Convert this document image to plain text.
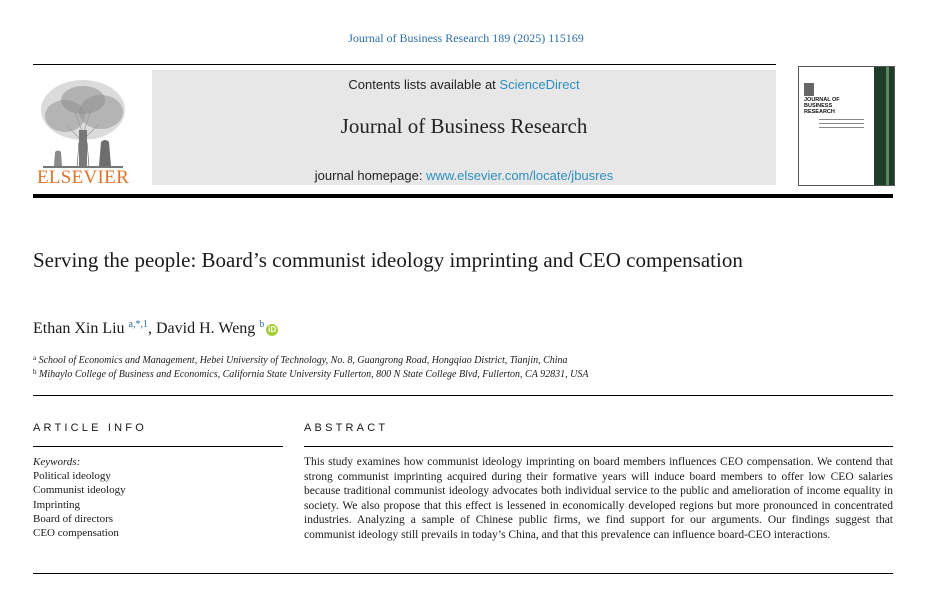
Journal of Business Research 189 (2025) 115169
ELSEVIER
Contents lists available at ScienceDirect
Journal of Business Research
journal homepage: www.elsevier.com/locate/jbusres
JOURNAL OF BUSINESS RESEARCH
Serving the people: Board’s communist ideology imprinting and CEO compensation
Ethan Xin Liu $^{a,*,1}$, David H. Weng $^b$ iD
$^a$ School of Economics and Management, Hebei University of Technology, No. 8, Guangrong Road, Hongqiao District, Tianjin, China
$^b$ Mihaylo College of Business and Economics, California State University Fullerton, 800 N State College Blvd, Fullerton, CA 92831, USA
ARTICLE INFO	ABSTRACT
Keywords:
Political ideology
Communist ideology
Imprinting
Board of directors
CEO compensation
This study examines how communist ideology imprinting on board members influences CEO compensation. We contend that strong communist imprinting acquired during their formative years will induce board members to offer low CEO salaries because traditional communist ideology advocates both individual service to the public and amelioration of income equality in society. We also propose that this effect is lessened in economically developed regions but more pronounced in concentrated industries. Analyzing a sample of Chinese public firms, we find support for our arguments. Our findings suggest that communist ideology still prevails in today’s China, and that this prevalence can influence board-CEO interactions.
